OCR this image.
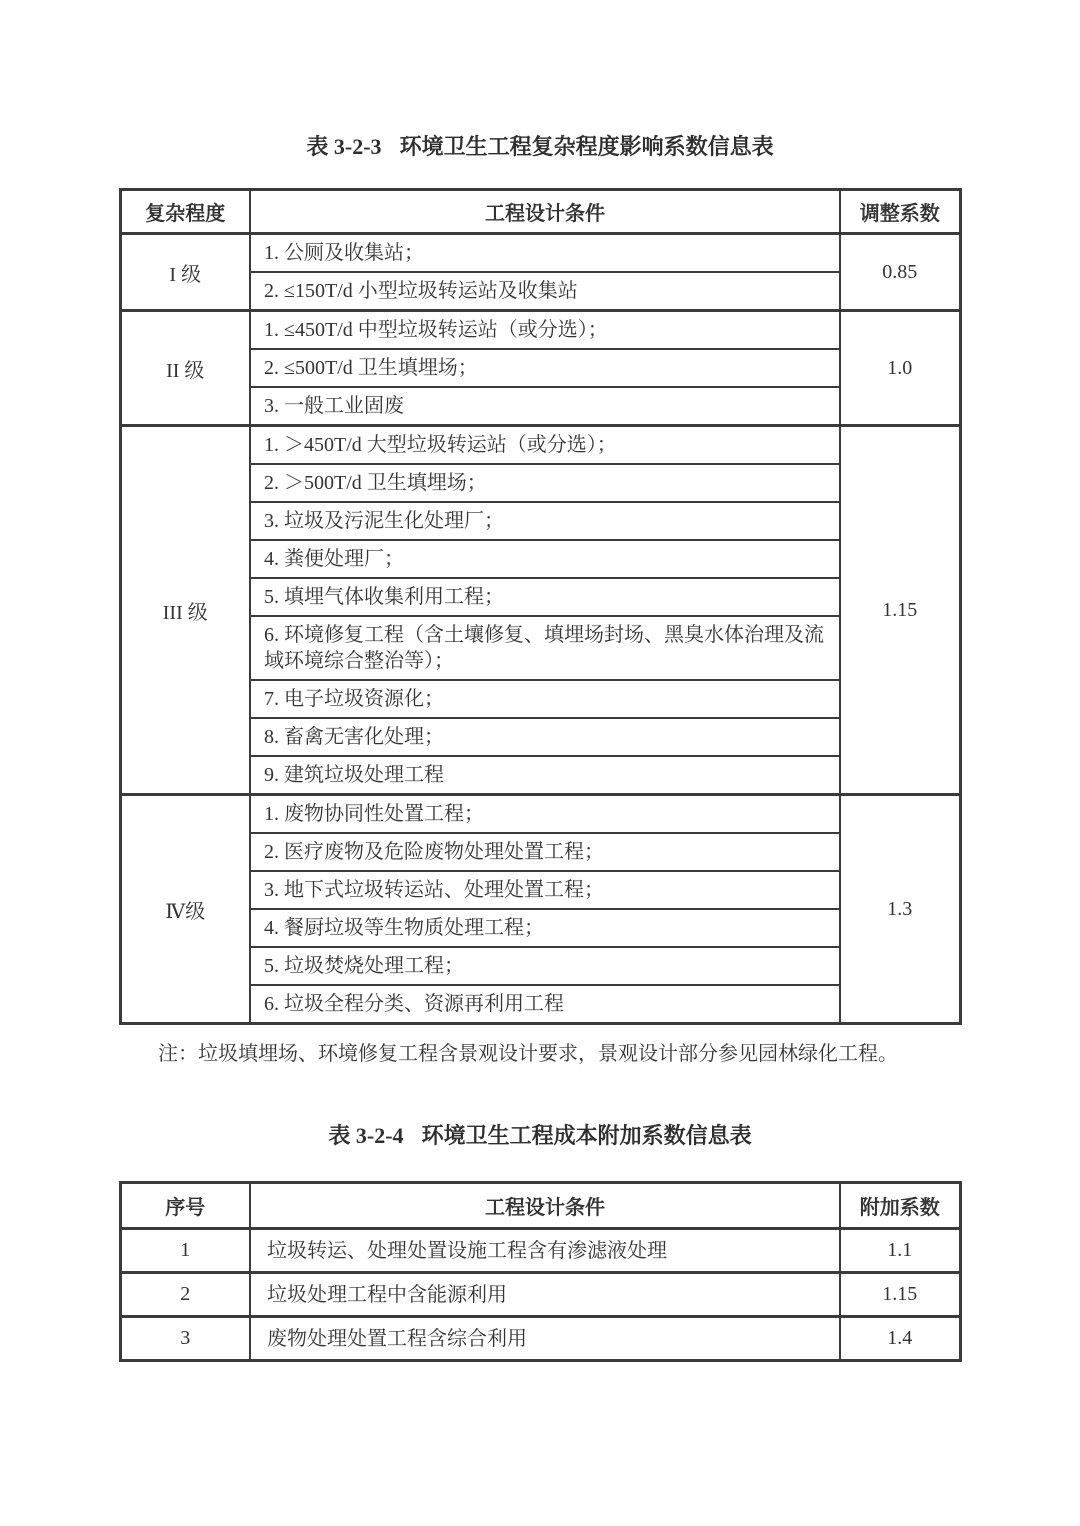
表 3-2-3 环境卫生工程复杂程度影响系数信息表
复杂程度	工程设计条件	调整系数
I 级	1. 公厕及收集站；	0.85
	2. ≤150T/d 小型垃圾转运站及收集站	
II 级	1. ≤450T/d 中型垃圾转运站（或分选）；	1.0
	2. ≤500T/d 卫生填埋场；	
	3. 一般工业固废	
III 级	1. ＞450T/d 大型垃圾转运站（或分选）；	1.15
	2. ＞500T/d 卫生填埋场；	
	3. 垃圾及污泥生化处理厂；	
	4. 粪便处理厂；	
	5. 填埋气体收集利用工程；	
	6. 环境修复工程（含土壤修复、填埋场封场、黑臭水体治理及流域环境综合整治等）；	
	7. 电子垃圾资源化；	
	8. 畜禽无害化处理；	
	9. 建筑垃圾处理工程	
Ⅳ级	1. 废物协同性处置工程；	1.3
	2. 医疗废物及危险废物处理处置工程；	
	3. 地下式垃圾转运站、处理处置工程；	
	4. 餐厨垃圾等生物质处理工程；	
	5. 垃圾焚烧处理工程；	
	6. 垃圾全程分类、资源再利用工程	
注：垃圾填埋场、环境修复工程含景观设计要求，景观设计部分参见园林绿化工程。
表 3-2-4 环境卫生工程成本附加系数信息表
序号	工程设计条件	附加系数
1	垃圾转运、处理处置设施工程含有渗滤液处理	1.1
2	垃圾处理工程中含能源利用	1.15
3	废物处理处置工程含综合利用	1.4
